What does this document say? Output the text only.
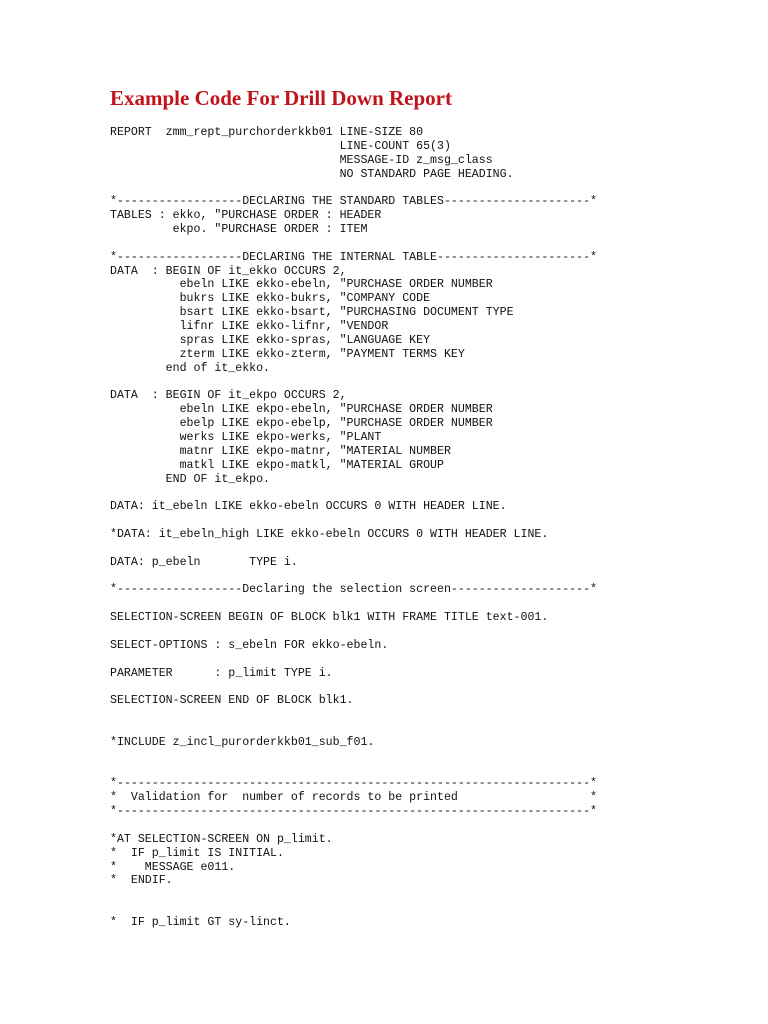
Example Code For Drill Down Report
REPORT  zmm_rept_purchorderkkb01 LINE-SIZE 80
LINE-COUNT 65(3)
MESSAGE-ID z_msg_class
NO STANDARD PAGE HEADING.
*------------------DECLARING THE STANDARD TABLES---------------------*
TABLES : ekko, "PURCHASE ORDER : HEADER
ekpo. "PURCHASE ORDER : ITEM
*------------------DECLARING THE INTERNAL TABLE----------------------*
DATA  : BEGIN OF it_ekko OCCURS 2,
ebeln LIKE ekko-ebeln, "PURCHASE ORDER NUMBER
bukrs LIKE ekko-bukrs, "COMPANY CODE
bsart LIKE ekko-bsart, "PURCHASING DOCUMENT TYPE
lifnr LIKE ekko-lifnr, "VENDOR
spras LIKE ekko-spras, "LANGUAGE KEY
zterm LIKE ekko-zterm, "PAYMENT TERMS KEY
end of it_ekko.
DATA  : BEGIN OF it_ekpo OCCURS 2,
ebeln LIKE ekpo-ebeln, "PURCHASE ORDER NUMBER
ebelp LIKE ekpo-ebelp, "PURCHASE ORDER NUMBER
werks LIKE ekpo-werks, "PLANT
matnr LIKE ekpo-matnr, "MATERIAL NUMBER
matkl LIKE ekpo-matkl, "MATERIAL GROUP
END OF it_ekpo.
DATA: it_ebeln LIKE ekko-ebeln OCCURS 0 WITH HEADER LINE.
*DATA: it_ebeln_high LIKE ekko-ebeln OCCURS 0 WITH HEADER LINE.
DATA: p_ebeln       TYPE i.
*------------------Declaring the selection screen--------------------*
SELECTION-SCREEN BEGIN OF BLOCK blk1 WITH FRAME TITLE text-001.
SELECT-OPTIONS : s_ebeln FOR ekko-ebeln.
PARAMETER      : p_limit TYPE i.
SELECTION-SCREEN END OF BLOCK blk1.
*INCLUDE z_incl_purorderkkb01_sub_f01.
*--------------------------------------------------------------------*
*  Validation for  number of records to be printed                   *
*--------------------------------------------------------------------*
*AT SELECTION-SCREEN ON p_limit.
*  IF p_limit IS INITIAL.
*    MESSAGE e011.
*  ENDIF.
*  IF p_limit GT sy-linct.
